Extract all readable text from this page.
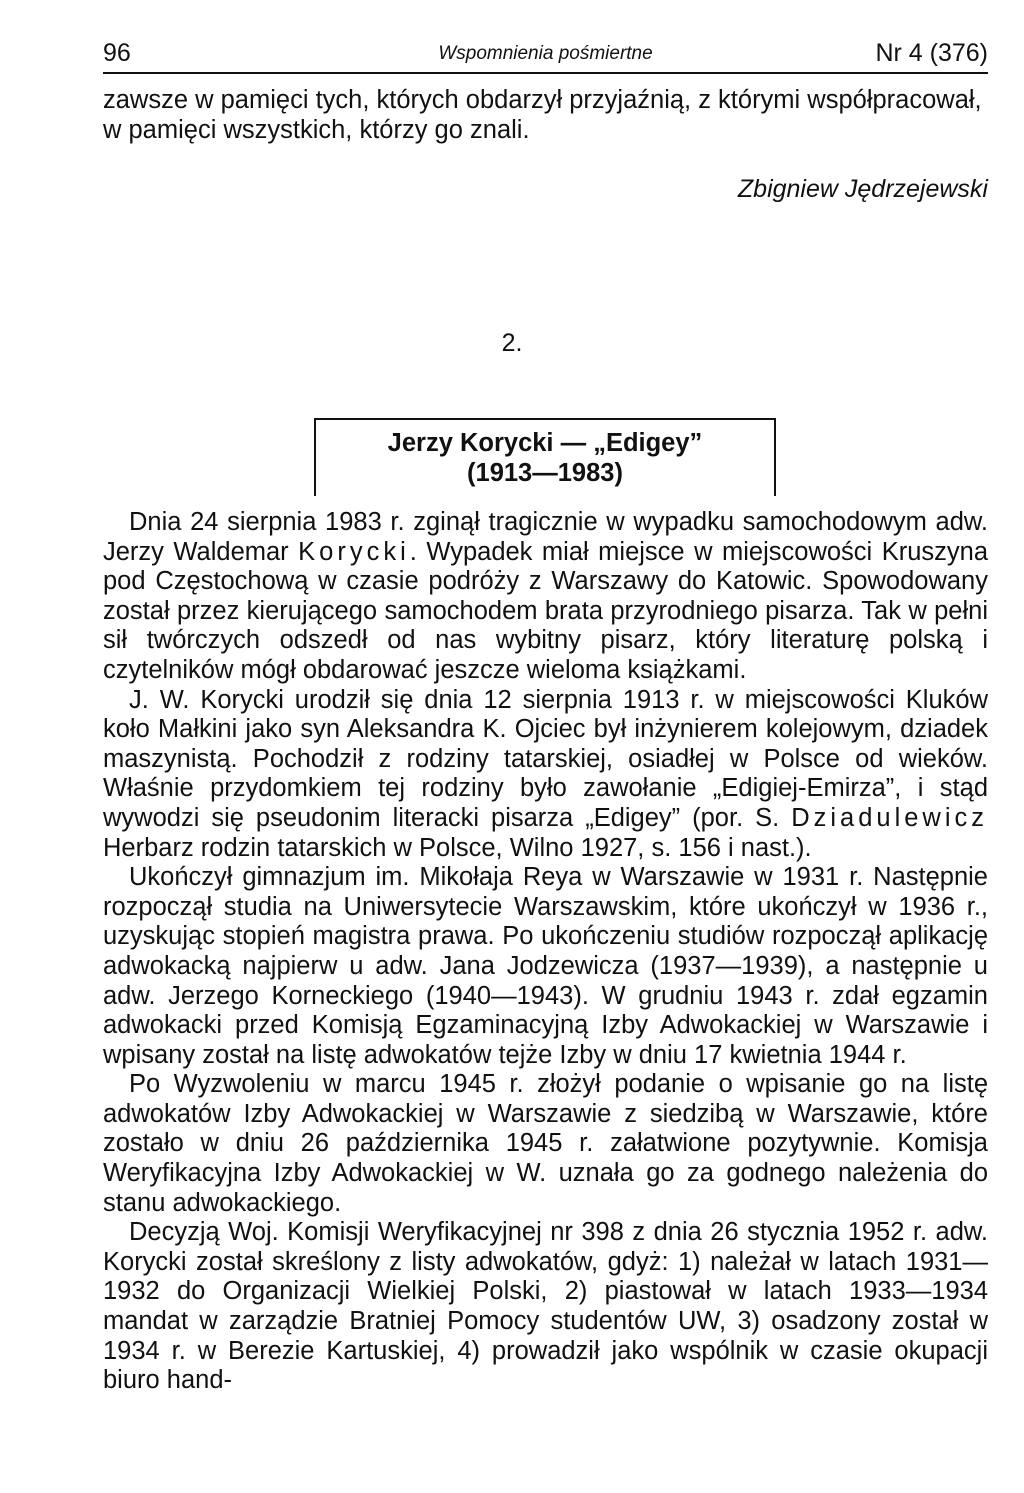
96	Wspomnienia pośmiertne	Nr 4 (376)

zawsze w pamięci tych, których obdarzył przyjaźnią, z którymi współpracował, w pamięci wszystkich, którzy go znali.

Zbigniew Jędrzejewski
2.
Jerzy Korycki — „Edigey”
(1913—1983)

Dnia 24 sierpnia 1983 r. zginął tragicznie w wypadku samochodowym adw. Jerzy Waldemar Korycki. Wypadek miał miejsce w miejscowości Kruszyna pod Częstochową w czasie podróży z Warszawy do Katowic. Spowodowany został przez kierującego samochodem brata przyrodniego pisarza. Tak w pełni sił twórczych odszedł od nas wybitny pisarz, który literaturę polską i czytelników mógł obdarować jeszcze wieloma książkami.

J. W. Korycki urodził się dnia 12 sierpnia 1913 r. w miejscowości Kluków koło Małkini jako syn Aleksandra K. Ojciec był inżynierem kolejowym, dziadek maszynistą. Pochodził z rodziny tatarskiej, osiadłej w Polsce od wieków. Właśnie przydomkiem tej rodziny było zawołanie „Edigiej-Emirza”, i stąd wywodzi się pseudonim literacki pisarza „Edigey” (por. S. Dziadulewicz Herbarz rodzin tatarskich w Polsce, Wilno 1927, s. 156 i nast.).

Ukończył gimnazjum im. Mikołaja Reya w Warszawie w 1931 r. Następnie rozpoczął studia na Uniwersytecie Warszawskim, które ukończył w 1936 r., uzyskując stopień magistra prawa. Po ukończeniu studiów rozpoczął aplikację adwokacką najpierw u adw. Jana Jodzewicza (1937—1939), a następnie u adw. Jerzego Korneckiego (1940—1943). W grudniu 1943 r. zdał egzamin adwokacki przed Komisją Egzaminacyjną Izby Adwokackiej w Warszawie i wpisany został na listę adwokatów tejże Izby w dniu 17 kwietnia 1944 r.

Po Wyzwoleniu w marcu 1945 r. złożył podanie o wpisanie go na listę adwokatów Izby Adwokackiej w Warszawie z siedzibą w Warszawie, które zostało w dniu 26 października 1945 r. załatwione pozytywnie. Komisja Weryfikacyjna Izby Adwokackiej w W. uznała go za godnego należenia do stanu adwokackiego.

Decyzją Woj. Komisji Weryfikacyjnej nr 398 z dnia 26 stycznia 1952 r. adw. Korycki został skreślony z listy adwokatów, gdyż: 1) należał w latach 1931—1932 do Organizacji Wielkiej Polski, 2) piastował w latach 1933—1934 mandat w zarządzie Bratniej Pomocy studentów UW, 3) osadzony został w 1934 r. w Berezie Kartuskiej, 4) prowadził jako wspólnik w czasie okupacji biuro hand-
